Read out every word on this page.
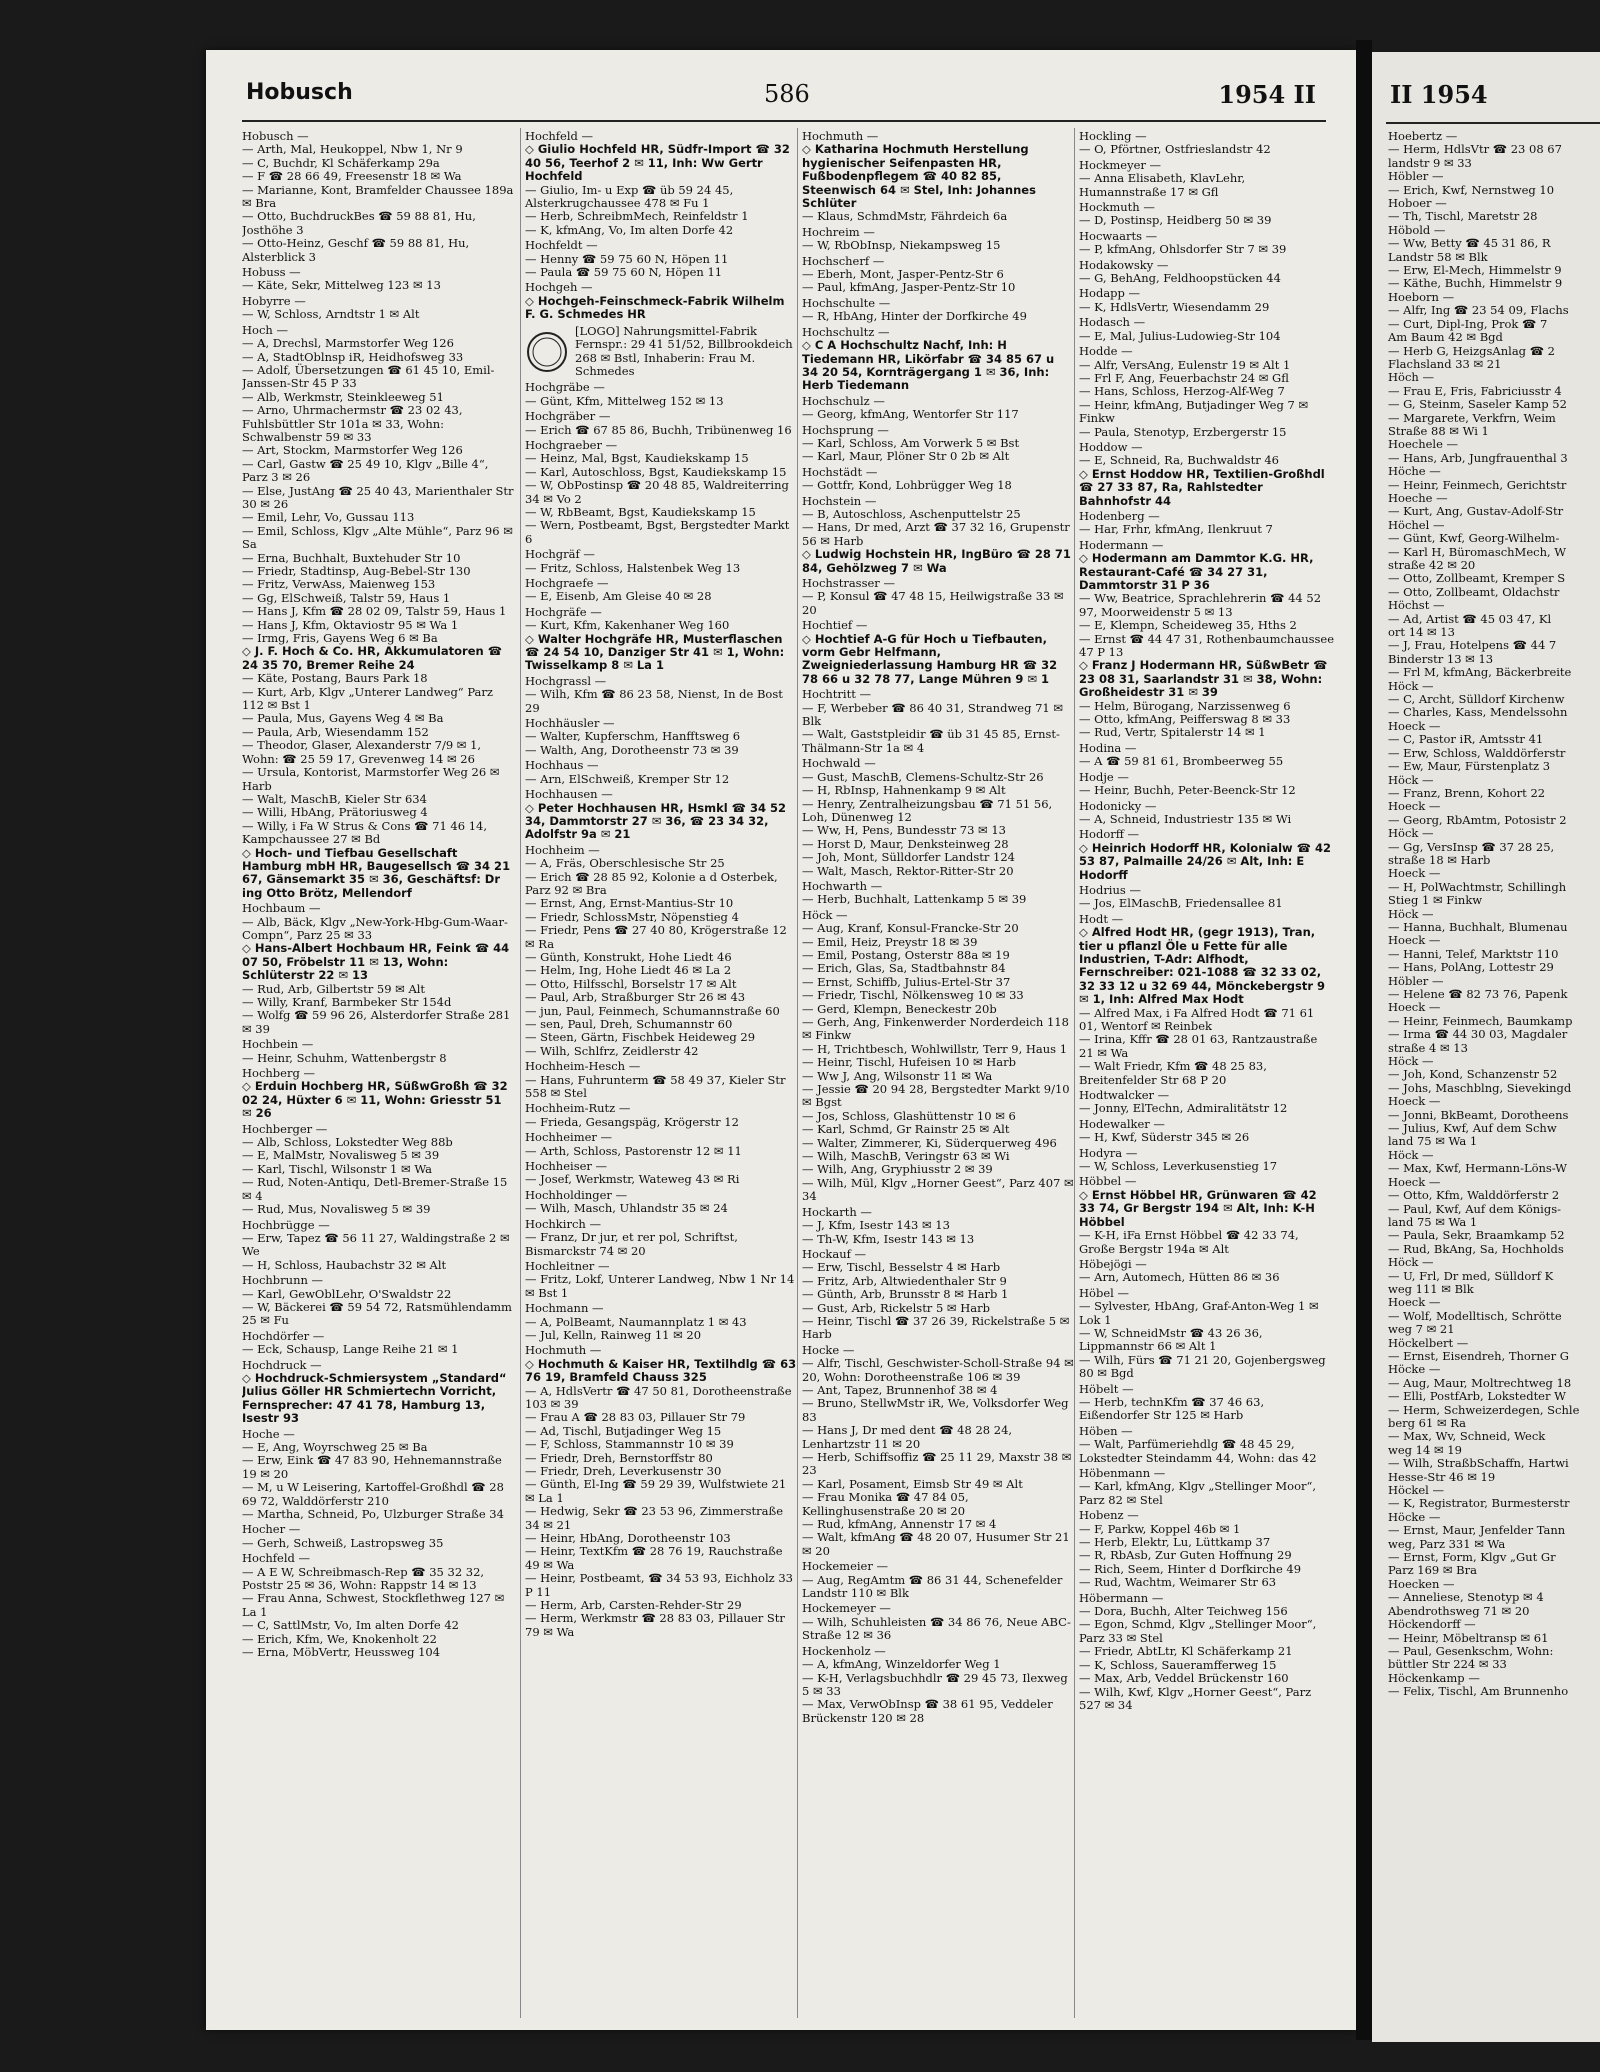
Hobusch	586	1954 II
Hobusch —
— Arth, Mal, Heukoppel, Nbw 1, Nr 9
— C, Buchdr, Kl Schäferkamp 29a
— F ☎ 28 66 49, Freesenstr 18 ✉ Wa
— Marianne, Kont, Bramfelder Chaussee 189a ✉ Bra
— Otto, BuchdruckBes ☎ 59 88 81, Hu, Josthöhe 3
— Otto-Heinz, Geschf ☎ 59 88 81, Hu, Alsterblick 3
Hobuss —
— Käte, Sekr, Mittelweg 123 ✉ 13
Hobyrre —
— W, Schloss, Arndtstr 1 ✉ Alt
Hoch —
— A, Drechsl, Marmstorfer Weg 126
— A, StadtOblnsp iR, Heidhofsweg 33
— Adolf, Übersetzungen ☎ 61 45 10, Emil-Janssen-Str 45 P 33
— Alb, Werkmstr, Steinkleeweg 51
— Arno, Uhrmachermstr ☎ 23 02 43, Fuhlsbüttler Str 101a ✉ 33, Wohn: Schwalbenstr 59 ✉ 33
— Art, Stockm, Marmstorfer Weg 126
— Carl, Gastw ☎ 25 49 10, Klgv „Bille 4“, Parz 3 ✉ 26
— Else, JustAng ☎ 25 40 43, Marienthaler Str 30 ✉ 26
— Emil, Lehr, Vo, Gussau 113
— Emil, Schloss, Klgv „Alte Mühle“, Parz 96 ✉ Sa
— Erna, Buchhalt, Buxtehuder Str 10
— Friedr, Stadtinsp, Aug-Bebel-Str 130
— Fritz, VerwAss, Maienweg 153
— Gg, ElSchweiß, Talstr 59, Haus 1
— Hans J, Kfm ☎ 28 02 09, Talstr 59, Haus 1
— Hans J, Kfm, Oktaviostr 95 ✉ Wa 1
— Irmg, Fris, Gayens Weg 6 ✉ Ba
◇ J. F. Hoch & Co. HR, Akkumulatoren ☎ 24 35 70, Bremer Reihe 24
— Käte, Postang, Baurs Park 18
— Kurt, Arb, Klgv „Unterer Landweg“ Parz 112 ✉ Bst 1
— Paula, Mus, Gayens Weg 4 ✉ Ba
— Paula, Arb, Wiesendamm 152
— Theodor, Glaser, Alexanderstr 7/9 ✉ 1, Wohn: ☎ 25 59 17, Grevenweg 14 ✉ 26
— Ursula, Kontorist, Marmstorfer Weg 26 ✉ Harb
— Walt, MaschB, Kieler Str 634
— Willi, HbAng, Prätoriusweg 4
— Willy, i Fa W Strus & Cons ☎ 71 46 14, Kampchaussee 27 ✉ Bd
◇ Hoch- und Tiefbau Gesellschaft Hamburg mbH HR, Baugesellsch ☎ 34 21 67, Gänsemarkt 35 ✉ 36, Geschäftsf: Dr ing Otto Brötz, Mellendorf
Hochbaum —
— Alb, Bäck, Klgv „New-York-Hbg-Gum-Waar-Compn“, Parz 25 ✉ 33
◇ Hans-Albert Hochbaum HR, Feink ☎ 44 07 50, Fröbelstr 11 ✉ 13, Wohn: Schlüterstr 22 ✉ 13
— Rud, Arb, Gilbertstr 59 ✉ Alt
— Willy, Kranf, Barmbeker Str 154d
— Wolfg ☎ 59 96 26, Alsterdorfer Straße 281 ✉ 39
Hochbein —
— Heinr, Schuhm, Wattenbergstr 8
Hochberg —
◇ Erduin Hochberg HR, SüßwGroßh ☎ 32 02 24, Hüxter 6 ✉ 11, Wohn: Griesstr 51 ✉ 26
Hochberger —
— Alb, Schloss, Lokstedter Weg 88b
— E, MalMstr, Novalisweg 5 ✉ 39
— Karl, Tischl, Wilsonstr 1 ✉ Wa
— Rud, Noten-Antiqu, Detl-Bremer-Straße 15 ✉ 4
— Rud, Mus, Novalisweg 5 ✉ 39
Hochbrügge —
— Erw, Tapez ☎ 56 11 27, Waldingstraße 2 ✉ We
— H, Schloss, Haubachstr 32 ✉ Alt
Hochbrunn —
— Karl, GewOblLehr, O'Swaldstr 22
— W, Bäckerei ☎ 59 54 72, Ratsmühlendamm 25 ✉ Fu
Hochdörfer —
— Eck, Schausp, Lange Reihe 21 ✉ 1
Hochdruck —
◇ Hochdruck-Schmiersystem „Standard“ Julius Göller HR Schmiertechn Vorricht, Fernsprecher: 47 41 78, Hamburg 13, Isestr 93
Hoche —
— E, Ang, Woyrschweg 25 ✉ Ba
— Erw, Eink ☎ 47 83 90, Hehnemannstraße 19 ✉ 20
— M, u W Leisering, Kartoffel-Großhdl ☎ 28 69 72, Walddörferstr 210
— Martha, Schneid, Po, Ulzburger Straße 34
Hocher —
— Gerh, Schweiß, Lastropsweg 35
Hochfeld —
— A E W, Schreibmasch-Rep ☎ 35 32 32, Poststr 25 ✉ 36, Wohn: Rappstr 14 ✉ 13
— Frau Anna, Schwest, Stockflethweg 127 ✉ La 1
— C, SattlMstr, Vo, Im alten Dorfe 42
— Erich, Kfm, We, Knokenholt 22
— Erna, MöbVertr, Heussweg 104
Hochfeld —
◇ Giulio Hochfeld HR, Südfr-Import ☎ 32 40 56, Teerhof 2 ✉ 11, Inh: Ww Gertr Hochfeld
— Giulio, Im- u Exp ☎ üb 59 24 45, Alsterkrugchaussee 478 ✉ Fu 1
— Herb, SchreibmMech, Reinfeldstr 1
— K, kfmAng, Vo, Im alten Dorfe 42
Hochfeldt —
— Henny ☎ 59 75 60 N, Höpen 11
— Paula ☎ 59 75 60 N, Höpen 11
Hochgeh —
◇ Hochgeh-Feinschmeck-Fabrik Wilhelm F. G. Schmedes HR
[LOGO] Nahrungsmittel-Fabrik Fernspr.: 29 41 51/52, Billbrookdeich 268 ✉ Bstl, Inhaberin: Frau M. Schmedes
Hochgräbe —
— Günt, Kfm, Mittelweg 152 ✉ 13
Hochgräber —
— Erich ☎ 67 85 86, Buchh, Tribünenweg 16
Hochgraeber —
— Heinz, Mal, Bgst, Kaudiekskamp 15
— Karl, Autoschloss, Bgst, Kaudiekskamp 15
— W, ObPostinsp ☎ 20 48 85, Waldreiterring 34 ✉ Vo 2
— W, RbBeamt, Bgst, Kaudiekskamp 15
— Wern, Postbeamt, Bgst, Bergstedter Markt 6
Hochgräf —
— Fritz, Schloss, Halstenbek Weg 13
Hochgraefe —
— E, Eisenb, Am Gleise 40 ✉ 28
Hochgräfe —
— Kurt, Kfm, Kakenhaner Weg 160
◇ Walter Hochgräfe HR, Musterflaschen ☎ 24 54 10, Danziger Str 41 ✉ 1, Wohn: Twisselkamp 8 ✉ La 1
Hochgrassl —
— Wilh, Kfm ☎ 86 23 58, Nienst, In de Bost 29
Hochhäusler —
— Walter, Kupferschm, Hanfftsweg 6
— Walth, Ang, Dorotheenstr 73 ✉ 39
Hochhaus —
— Arn, ElSchweiß, Kremper Str 12
Hochhausen —
◇ Peter Hochhausen HR, Hsmkl ☎ 34 52 34, Dammtorstr 27 ✉ 36, ☎ 23 34 32, Adolfstr 9a ✉ 21
Hochheim —
— A, Fräs, Oberschlesische Str 25
— Erich ☎ 28 85 92, Kolonie a d Osterbek, Parz 92 ✉ Bra
— Ernst, Ang, Ernst-Mantius-Str 10
— Friedr, SchlossMstr, Nöpenstieg 4
— Friedr, Pens ☎ 27 40 80, Krögerstraße 12 ✉ Ra
— Günth, Konstrukt, Hohe Liedt 46
— Helm, Ing, Hohe Liedt 46 ✉ La 2
— Otto, Hilfsschl, Borselstr 17 ✉ Alt
— Paul, Arb, Straßburger Str 26 ✉ 43
— jun, Paul, Feinmech, Schumannstraße 60
— sen, Paul, Dreh, Schumannstr 60
— Steen, Gärtn, Fischbek Heideweg 29
— Wilh, Schlfrz, Zeidlerstr 42
Hochheim-Hesch —
— Hans, Fuhrunterm ☎ 58 49 37, Kieler Str 558 ✉ Stel
Hochheim-Rutz —
— Frieda, Gesangspäg, Krögerstr 12
Hochheimer —
— Arth, Schloss, Pastorenstr 12 ✉ 11
Hochheiser —
— Josef, Werkmstr, Wateweg 43 ✉ Ri
Hochholdinger —
— Wilh, Masch, Uhlandstr 35 ✉ 24
Hochkirch —
— Franz, Dr jur, et rer pol, Schriftst, Bismarckstr 74 ✉ 20
Hochleitner —
— Fritz, Lokf, Unterer Landweg, Nbw 1 Nr 14 ✉ Bst 1
Hochmann —
— A, PolBeamt, Naumannplatz 1 ✉ 43
— Jul, Kelln, Rainweg 11 ✉ 20
Hochmuth —
◇ Hochmuth & Kaiser HR, Textilhdlg ☎ 63 76 19, Bramfeld Chauss 325
— A, HdlsVertr ☎ 47 50 81, Dorotheenstraße 103 ✉ 39
— Frau A ☎ 28 83 03, Pillauer Str 79
— Ad, Tischl, Butjadinger Weg 15
— F, Schloss, Stammannstr 10 ✉ 39
— Friedr, Dreh, Bernstorffstr 80
— Friedr, Dreh, Leverkusenstr 30
— Günth, El-Ing ☎ 59 29 39, Wulfstwiete 21 ✉ La 1
— Hedwig, Sekr ☎ 23 53 96, Zimmerstraße 34 ✉ 21
— Heinr, HbAng, Dorotheenstr 103
— Heinr, TextKfm ☎ 28 76 19, Rauchstraße 49 ✉ Wa
— Heinr, Postbeamt, ☎ 34 53 93, Eichholz 33 P 11
— Herm, Arb, Carsten-Rehder-Str 29
— Herm, Werkmstr ☎ 28 83 03, Pillauer Str 79 ✉ Wa
Hochmuth —
◇ Katharina Hochmuth Herstellung hygienischer Seifenpasten HR, Fußbodenpflegem ☎ 40 82 85, Steenwisch 64 ✉ Stel, Inh: Johannes Schlüter
— Klaus, SchmdMstr, Fährdeich 6a
Hochreim —
— W, RbObInsp, Niekampsweg 15
Hochscherf —
— Eberh, Mont, Jasper-Pentz-Str 6
— Paul, kfmAng, Jasper-Pentz-Str 10
Hochschulte —
— R, HbAng, Hinter der Dorfkirche 49
Hochschultz —
◇ C A Hochschultz Nachf, Inh: H Tiedemann HR, Likörfabr ☎ 34 85 67 u 34 20 54, Kornträgergang 1 ✉ 36, Inh: Herb Tiedemann
Hochschulz —
— Georg, kfmAng, Wentorfer Str 117
Hochsprung —
— Karl, Schloss, Am Vorwerk 5 ✉ Bst
— Karl, Maur, Plöner Str 0 2b ✉ Alt
Hochstädt —
— Gottfr, Kond, Lohbrügger Weg 18
Hochstein —
— B, Autoschloss, Aschenputtelstr 25
— Hans, Dr med, Arzt ☎ 37 32 16, Grupenstr 56 ✉ Harb
◇ Ludwig Hochstein HR, IngBüro ☎ 28 71 84, Gehölzweg 7 ✉ Wa
Hochstrasser —
— P, Konsul ☎ 47 48 15, Heilwigstraße 33 ✉ 20
Hochtief —
◇ Hochtief A-G für Hoch u Tiefbauten, vorm Gebr Helfmann, Zweigniederlassung Hamburg HR ☎ 32 78 66 u 32 78 77, Lange Mühren 9 ✉ 1
Hochtritt —
— F, Werbeber ☎ 86 40 31, Strandweg 71 ✉ Blk
— Walt, Gaststpleidir ☎ üb 31 45 85, Ernst-Thälmann-Str 1a ✉ 4
Hochwald —
— Gust, MaschB, Clemens-Schultz-Str 26
— H, RbInsp, Hahnenkamp 9 ✉ Alt
— Henry, Zentralheizungsbau ☎ 71 51 56, Loh, Dünenweg 12
— Ww, H, Pens, Bundesstr 73 ✉ 13
— Horst D, Maur, Denksteinweg 28
— Joh, Mont, Sülldorfer Landstr 124
— Walt, Masch, Rektor-Ritter-Str 20
Hochwarth —
— Herb, Buchhalt, Lattenkamp 5 ✉ 39
Höck —
— Aug, Kranf, Konsul-Francke-Str 20
— Emil, Heiz, Preystr 18 ✉ 39
— Emil, Postang, Osterstr 88a ✉ 19
— Erich, Glas, Sa, Stadtbahnstr 84
— Ernst, Schiffb, Julius-Ertel-Str 37
— Friedr, Tischl, Nölkensweg 10 ✉ 33
— Gerd, Klempn, Beneckestr 20b
— Gerh, Ang, Finkenwerder Norderdeich 118 ✉ Finkw
— H, Trichtbesch, Wohlwillstr, Terr 9, Haus 1
— Heinr, Tischl, Hufeisen 10 ✉ Harb
— Ww J, Ang, Wilsonstr 11 ✉ Wa
— Jessie ☎ 20 94 28, Bergstedter Markt 9/10 ✉ Bgst
— Jos, Schloss, Glashüttenstr 10 ✉ 6
— Karl, Schmd, Gr Rainstr 25 ✉ Alt
— Walter, Zimmerer, Ki, Süderquerweg 496
— Wilh, MaschB, Veringstr 63 ✉ Wi
— Wilh, Ang, Gryphiusstr 2 ✉ 39
— Wilh, Mül, Klgv „Horner Geest“, Parz 407 ✉ 34
Hockarth —
— J, Kfm, Isestr 143 ✉ 13
— Th-W, Kfm, Isestr 143 ✉ 13
Hockauf —
— Erw, Tischl, Besselstr 4 ✉ Harb
— Fritz, Arb, Altwiedenthaler Str 9
— Günth, Arb, Brunsstr 8 ✉ Harb 1
— Gust, Arb, Rickelstr 5 ✉ Harb
— Heinr, Tischl ☎ 37 26 39, Rickelstraße 5 ✉ Harb
Hocke —
— Alfr, Tischl, Geschwister-Scholl-Straße 94 ✉ 20, Wohn: Dorotheenstraße 106 ✉ 39
— Ant, Tapez, Brunnenhof 38 ✉ 4
— Bruno, StellwMstr iR, We, Volksdorfer Weg 83
— Hans J, Dr med dent ☎ 48 28 24, Lenhartzstr 11 ✉ 20
— Herb, Schiffsoffiz ☎ 25 11 29, Maxstr 38 ✉ 23
— Karl, Posament, Eimsb Str 49 ✉ Alt
— Frau Monika ☎ 47 84 05, Kellinghusenstraße 20 ✉ 20
— Rud, kfmAng, Annenstr 17 ✉ 4
— Walt, kfmAng ☎ 48 20 07, Husumer Str 21 ✉ 20
Hockemeier —
— Aug, RegAmtm ☎ 86 31 44, Schenefelder Landstr 110 ✉ Blk
Hockemeyer —
— Wilh, Schuhleisten ☎ 34 86 76, Neue ABC-Straße 12 ✉ 36
Hockenholz —
— A, kfmAng, Winzeldorfer Weg 1
— K-H, Verlagsbuchhdlr ☎ 29 45 73, Ilexweg 5 ✉ 33
— Max, VerwObInsp ☎ 38 61 95, Veddeler Brückenstr 120 ✉ 28
Hockling —
— O, Pförtner, Ostfrieslandstr 42
Hockmeyer —
— Anna Elisabeth, KlavLehr, Humannstraße 17 ✉ Gfl
Hockmuth —
— D, Postinsp, Heidberg 50 ✉ 39
Hocwaarts —
— P, kfmAng, Ohlsdorfer Str 7 ✉ 39
Hodakowsky —
— G, BehAng, Feldhoopstücken 44
Hodapp —
— K, HdlsVertr, Wiesendamm 29
Hodasch —
— E, Mal, Julius-Ludowieg-Str 104
Hodde —
— Alfr, VersAng, Eulenstr 19 ✉ Alt 1
— Frl F, Ang, Feuerbachstr 24 ✉ Gfl
— Hans, Schloss, Herzog-Alf-Weg 7
— Heinr, kfmAng, Butjadinger Weg 7 ✉ Finkw
— Paula, Stenotyp, Erzbergerstr 15
Hoddow —
— E, Schneid, Ra, Buchwaldstr 46
◇ Ernst Hoddow HR, Textilien-Großhdl ☎ 27 33 87, Ra, Rahlstedter Bahnhofstr 44
Hodenberg —
— Har, Frhr, kfmAng, Ilenkruut 7
Hodermann —
◇ Hodermann am Dammtor K.G. HR, Restaurant-Café ☎ 34 27 31, Dammtorstr 31 P 36
— Ww, Beatrice, Sprachlehrerin ☎ 44 52 97, Moorweidenstr 5 ✉ 13
— E, Klempn, Scheideweg 35, Hths 2
— Ernst ☎ 44 47 31, Rothenbaumchaussee 47 P 13
◇ Franz J Hodermann HR, SüßwBetr ☎ 23 08 31, Saarlandstr 31 ✉ 38, Wohn: Großheidestr 31 ✉ 39
— Helm, Bürogang, Narzissenweg 6
— Otto, kfmAng, Peifferswag 8 ✉ 33
— Rud, Vertr, Spitalerstr 14 ✉ 1
Hodina —
— A ☎ 59 81 61, Brombeerweg 55
Hodje —
— Heinr, Buchh, Peter-Beenck-Str 12
Hodonicky —
— A, Schneid, Industriestr 135 ✉ Wi
Hodorff —
◇ Heinrich Hodorff HR, Kolonialw ☎ 42 53 87, Palmaille 24/26 ✉ Alt, Inh: E Hodorff
Hodrius —
— Jos, ElMaschB, Friedensallee 81
Hodt —
◇ Alfred Hodt HR, (gegr 1913), Tran, tier u pflanzl Öle u Fette für alle Industrien, T-Adr: Alfhodt, Fernschreiber: 021-1088 ☎ 32 33 02, 32 33 12 u 32 69 44, Mönckebergstr 9 ✉ 1, Inh: Alfred Max Hodt
— Alfred Max, i Fa Alfred Hodt ☎ 71 61 01, Wentorf ✉ Reinbek
— Irina, Kffr ☎ 28 01 63, Rantzaustraße 21 ✉ Wa
— Walt Friedr, Kfm ☎ 48 25 83, Breitenfelder Str 68 P 20
Hodtwalcker —
— Jonny, ElTechn, Admiralitätstr 12
Hodewalker —
— H, Kwf, Süderstr 345 ✉ 26
Hodyra —
— W, Schloss, Leverkusenstieg 17
Höbbel —
◇ Ernst Höbbel HR, Grünwaren ☎ 42 33 74, Gr Bergstr 194 ✉ Alt, Inh: K-H Höbbel
— K-H, iFa Ernst Höbbel ☎ 42 33 74, Große Bergstr 194a ✉ Alt
Höbejögi —
— Arn, Automech, Hütten 86 ✉ 36
Höbel —
— Sylvester, HbAng, Graf-Anton-Weg 1 ✉ Lok 1
— W, SchneidMstr ☎ 43 26 36, Lippmannstr 66 ✉ Alt 1
— Wilh, Fürs ☎ 71 21 20, Gojenbergsweg 80 ✉ Bgd
Höbelt —
— Herb, technKfm ☎ 37 46 63, Eißendorfer Str 125 ✉ Harb
Höben —
— Walt, Parfümeriehdlg ☎ 48 45 29, Lokstedter Steindamm 44, Wohn: das 42
Höbenmann —
— Karl, kfmAng, Klgv „Stellinger Moor“, Parz 82 ✉ Stel
Hobenz —
— F, Parkw, Koppel 46b ✉ 1
— Herb, Elektr, Lu, Lüttkamp 37
— R, RbAsb, Zur Guten Hoffnung 29
— Rich, Seem, Hinter d Dorfkirche 49
— Rud, Wachtm, Weimarer Str 63
Höbermann —
— Dora, Buchh, Alter Teichweg 156
— Egon, Schmd, Klgv „Stellinger Moor“, Parz 33 ✉ Stel
— Friedr, AbtLtr, Kl Schäferkamp 21
— K, Schloss, Saueramfferweg 15
— Max, Arb, Veddel Brückenstr 160
— Wilh, Kwf, Klgv „Horner Geest“, Parz 527 ✉ 34
II 1954
Hoebertz —
— Herm, HdlsVtr ☎ 23 08 67
landstr 9 ✉ 33
Höbler —
— Erich, Kwf, Nernstweg 10
Hoboer —
— Th, Tischl, Maretstr 28
Höbold —
— Ww, Betty ☎ 45 31 86, R
Landstr 58 ✉ Blk
— Erw, El-Mech, Himmelstr 9
— Käthe, Buchh, Himmelstr 9
Hoeborn —
— Alfr, Ing ☎ 23 54 09, Flachs
— Curt, Dipl-Ing, Prok ☎ 7
Am Baum 42 ✉ Bgd
— Herb G, HeizgsAnlag ☎ 2
Flachsland 33 ✉ 21
Höch —
— Frau E, Fris, Fabriciusstr 4
— G, Steinm, Saseler Kamp 52
— Margarete, Verkfrn, Weim
Straße 88 ✉ Wi 1
Hoechele —
— Hans, Arb, Jungfrauenthal 3
Höche —
— Heinr, Feinmech, Gerichtstr
Hoeche —
— Kurt, Ang, Gustav-Adolf-Str
Höchel —
— Günt, Kwf, Georg-Wilhelm-
— Karl H, BüromaschMech, W
straße 42 ✉ 20
— Otto, Zollbeamt, Kremper S
— Otto, Zollbeamt, Oldachstr
Höchst —
— Ad, Artist ☎ 45 03 47, Kl
ort 14 ✉ 13
— J, Frau, Hotelpens ☎ 44 7
Binderstr 13 ✉ 13
— Frl M, kfmAng, Bäckerbreite
Höck —
— C, Archt, Sülldorf Kirchenw
— Charles, Kass, Mendelssohn
Hoeck —
— C, Pastor iR, Amtsstr 41
— Erw, Schloss, Walddörferstr
— Ew, Maur, Fürstenplatz 3
Höck —
— Franz, Brenn, Kohort 22
Hoeck —
— Georg, RbAmtm, Potosistr 2
Höck —
— Gg, VersInsp ☎ 37 28 25,
straße 18 ✉ Harb
Hoeck —
— H, PolWachtmstr, Schillingh
Stieg 1 ✉ Finkw
Höck —
— Hanna, Buchhalt, Blumenau
Hoeck —
— Hanni, Telef, Marktstr 110
— Hans, PolAng, Lottestr 29
Höbler —
— Helene ☎ 82 73 76, Papenk
Hoeck —
— Heinr, Feinmech, Baumkamp
— Irma ☎ 44 30 03, Magdaler
straße 4 ✉ 13
Höck —
— Joh, Kond, Schanzenstr 52
— Johs, Maschblng, Sievekingd
Hoeck —
— Jonni, BkBeamt, Dorotheens
— Julius, Kwf, Auf dem Schw
land 75 ✉ Wa 1
Höck —
— Max, Kwf, Hermann-Löns-W
Hoeck —
— Otto, Kfm, Walddörferstr 2
— Paul, Kwf, Auf dem Königs-
land 75 ✉ Wa 1
— Paula, Sekr, Braamkamp 52
— Rud, BkAng, Sa, Hochholds
Höck —
— U, Frl, Dr med, Sülldorf K
weg 111 ✉ Blk
Hoeck —
— Wolf, Modelltisch, Schrötte
weg 7 ✉ 21
Höckelbert —
— Ernst, Eisendreh, Thorner G
Höcke —
— Aug, Maur, Moltrechtweg 18
— Elli, PostfArb, Lokstedter W
— Herm, Schweizerdegen, Schle
berg 61 ✉ Ra
— Max, Wv, Schneid, Weck
weg 14 ✉ 19
— Wilh, StraßbSchaffn, Hartwi
Hesse-Str 46 ✉ 19
Höckel —
— K, Registrator, Burmesterstr
Höcke —
— Ernst, Maur, Jenfelder Tann
weg, Parz 331 ✉ Wa
— Ernst, Form, Klgv „Gut Gr
Parz 169 ✉ Bra
Hoecken —
— Anneliese, Stenotyp ✉ 4
Abendrothsweg 71 ✉ 20
Höckendorff —
— Heinr, Möbeltransp ✉ 61
— Paul, Gesenkschm, Wohn:
büttler Str 224 ✉ 33
Höckenkamp —
— Felix, Tischl, Am Brunnenho
